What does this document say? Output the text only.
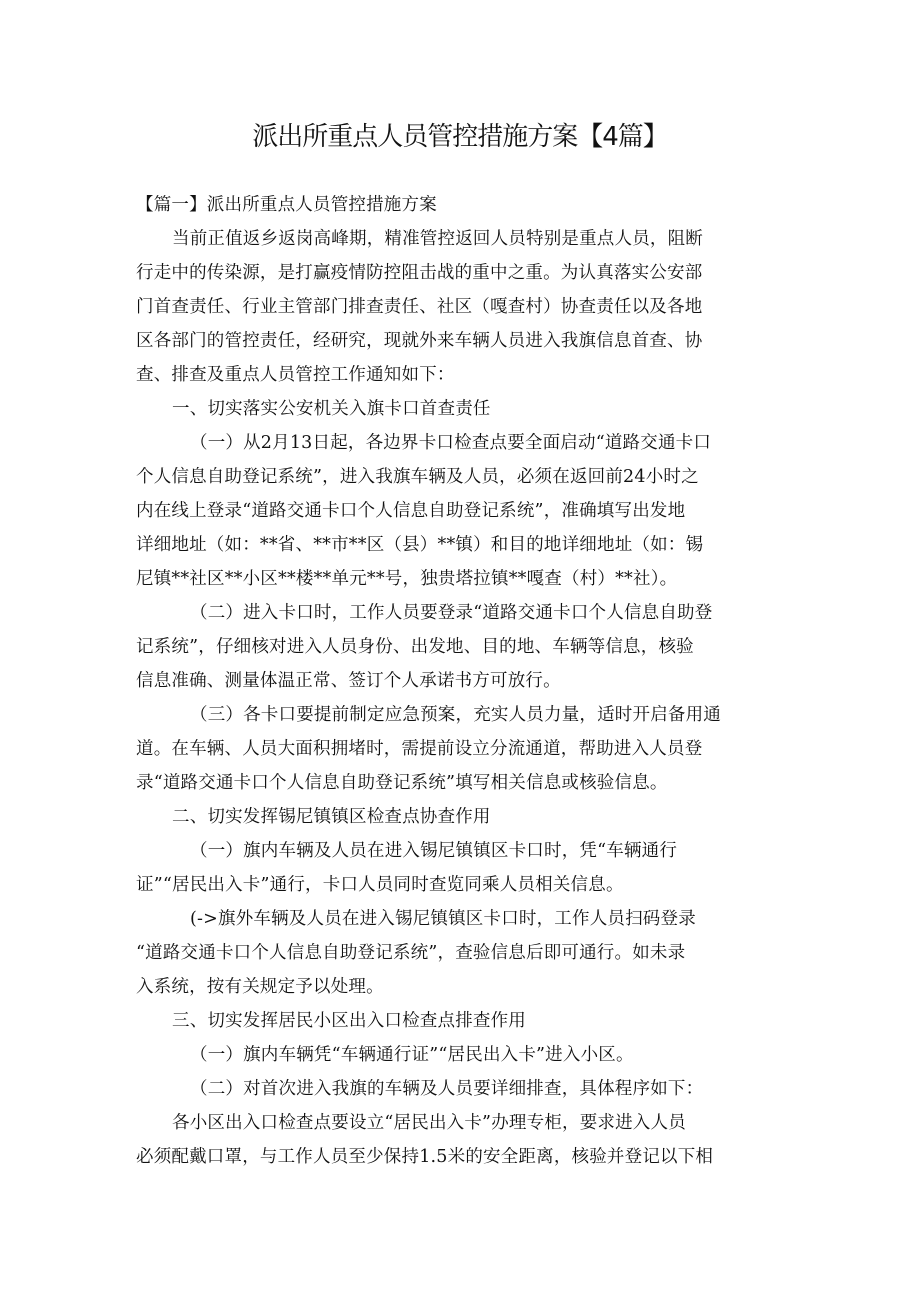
派出所重点人员管控措施方案【4篇】
【篇一】派出所重点人员管控措施方案
当前正值返乡返岗高峰期，精准管控返回人员特别是重点人员，阻断
行走中的传染源，是打赢疫情防控阻击战的重中之重。为认真落实公安部
门首查责任、行业主管部门排查责任、社区（嘎查村）协查责任以及各地
区各部门的管控责任，经研究，现就外来车辆人员进入我旗信息首查、协
查、排查及重点人员管控工作通知如下：
一、切实落实公安机关入旗卡口首查责任
（一）从2月13日起，各边界卡口检查点要全面启动“道路交通卡口
个人信息自助登记系统”，进入我旗车辆及人员，必须在返回前24小时之
内在线上登录“道路交通卡口个人信息自助登记系统”，准确填写出发地
详细地址（如：**省、**市**区（县）**镇）和目的地详细地址（如：锡
尼镇**社区**小区**楼**单元**号，独贵塔拉镇**嘎查（村）**社）。
（二）进入卡口时，工作人员要登录“道路交通卡口个人信息自助登
记系统”，仔细核对进入人员身份、出发地、目的地、车辆等信息，核验
信息准确、测量体温正常、签订个人承诺书方可放行。
（三）各卡口要提前制定应急预案，充实人员力量，适时开启备用通
道。在车辆、人员大面积拥堵时，需提前设立分流通道，帮助进入人员登
录“道路交通卡口个人信息自助登记系统”填写相关信息或核验信息。
二、切实发挥锡尼镇镇区检查点协查作用
（一）旗内车辆及人员在进入锡尼镇镇区卡口时，凭“车辆通行
证”“居民出入卡”通行，卡口人员同时查览同乘人员相关信息。
(->旗外车辆及人员在进入锡尼镇镇区卡口时，工作人员扫码登录
“道路交通卡口个人信息自助登记系统”，查验信息后即可通行。如未录
入系统，按有关规定予以处理。
三、切实发挥居民小区出入口检查点排查作用
（一）旗内车辆凭“车辆通行证”“居民出入卡”进入小区。
（二）对首次进入我旗的车辆及人员要详细排查，具体程序如下：
各小区出入口检查点要设立“居民出入卡”办理专柜，要求进入人员
必须配戴口罩，与工作人员至少保持1.5米的安全距离，核验并登记以下相
